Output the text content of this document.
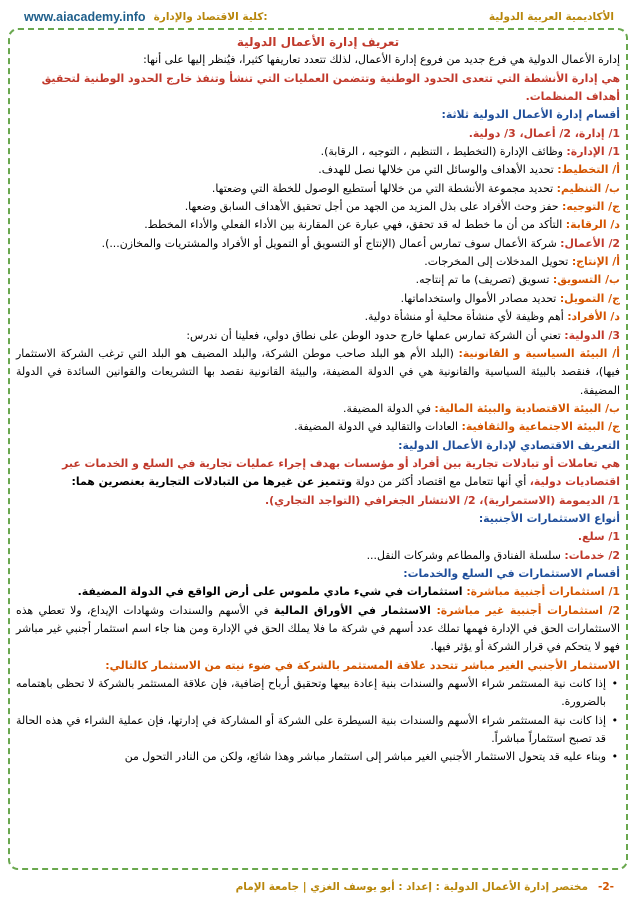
www.aiacademy.info كلية الاقتصاد والإدارة:	الأكاديمية العربية الدولية

تعريف إدارة الأعمال الدولية

إدارة الأعمال الدولية هي فرع جديد من فروع إدارة الأعمال، لذلك تتعدد تعاريفها كثيرا، فيُنظر إليها على أنها:

هي إدارة الأنشطة التي تتعدى الحدود الوطنية وتتضمن العمليات التي تنشأ وتنفذ خارج الحدود الوطنية لتحقيق

أهداف المنظمات.

أقسام إدارة الأعمال الدولية ثلاثة:

1/ إدارة، 2/ أعمال، 3/ دولية.

1/ الإدارة: وظائف الإدارة (التخطيط ، التنظيم ، التوجيه ، الرقابة).

أ/ التخطيط: تحديد الأهداف والوسائل التي من خلالها نصل للهدف.

ب/ التنظيم: تحديد مجموعة الأنشطة التي من خلالها أستطيع الوصول للخطة التي وضعتها.

ج/ التوجيه: حفز وحث الأفراد على بذل المزيد من الجهد من أجل تحقيق الأهداف السابق وضعها.

د/ الرقابة: التأكد من أن ما خطط له قد تحقق، فهي عبارة عن المقارنة بين الأداء الفعلي والأداء المخطط.

2/ الأعمال: شركة الأعمال سوف تمارس أعمال (الإنتاج أو التسويق أو التمويل أو الأفراد والمشتريات والمخازن...).

أ/ الإنتاج: تحويل المدخلات إلى المخرجات.

ب/ التسويق: تسويق (تصريف) ما تم إنتاجه.

ج/ التمويل: تحديد مصادر الأموال واستخداماتها.

د/ الأفراد: أهم وظيفة لأي منشأة محلية أو منشأة دولية.

3/ الدولية: تعني أن الشركة تمارس عملها خارج حدود الوطن على نطاق دولي، فعلينا أن ندرس:

أ/ البيئة السياسية و القانونية: (البلد الأم هو البلد صاحب موطن الشركة، والبلد المضيف هو البلد التي ترغب الشركة الاستثمار فيها)، فنقصد بالبيئة السياسية والقانونية هي في الدولة المضيفة، والبيئة القانونية نقصد بها التشريعات والقوانين السائدة في الدولة المضيفة.

ب/ البيئة الاقتصادية والبيئة المالية: في الدولة المضيفة.

ج/ البيئة الاجتماعية والثقافية: العادات والتقاليد في الدولة المضيفة.

التعريف الاقتصادي لإدارة الأعمال الدولية:

هي تعاملات أو تبادلات تجارية بين أفراد أو مؤسسات بهدف إجراء عمليات تجارية في السلع و الخدمات عبر

اقتصاديات دولية، أي أنها تتعامل مع اقتصاد أكثر من دولة وتتميز عن غيرها من التبادلات التجارية بعنصرين هما:

1/ الديمومة (الاستمرارية)، 2/ الانتشار الجغرافي (التواجد التجاري).

أنواع الاستثمارات الأجنبية:

1/ سلع.

2/ خدمات: سلسلة الفنادق والمطاعم وشركات النقل...

أقسام الاستثمارات في السلع والخدمات:

1/ استثمارات أجنبية مباشرة: استثمارات في شيء مادي ملموس على أرض الواقع في الدولة المضيفة.

2/ استثمارات أجنبية غير مباشرة: الاستثمار في الأوراق المالية في الأسهم والسندات وشهادات الإيداع، ولا تعطي هذه الاستثمارات الحق في الإدارة فهمها تملك عدد أسهم في شركة ما فلا يملك الحق في الإدارة ومن هنا جاء اسم استثمار أجنبي غير مباشر فهو لا يتحكم في قرار الشركة أو يؤثر فيها.

الاستثمار الأجنبي الغير مباشر تتحدد علاقة المستثمر بالشركة في ضوء نيته من الاستثمار كالتالي:

• إذا كانت نية المستثمر شراء الأسهم والسندات بنية إعادة بيعها وتحقيق أرباح إضافية، فإن علاقة المستثمر بالشركة لا تحظى باهتمامه بالضرورة.
• إذا كانت نية المستثمر شراء الأسهم والسندات بنية السيطرة على الشركة أو المشاركة في إدارتها، فإن عملية الشراء في هذه الحالة قد تصبح استثماراً مباشراً.
• وبناء عليه قد يتحول الاستثمار الأجنبي الغير مباشر إلى استثمار مباشر وهذا شائع، ولكن من النادر التحول من
-2-
مختصر إدارة الأعمال الدولية : إعداد : أبو يوسف الغزي | جامعة الإمام
